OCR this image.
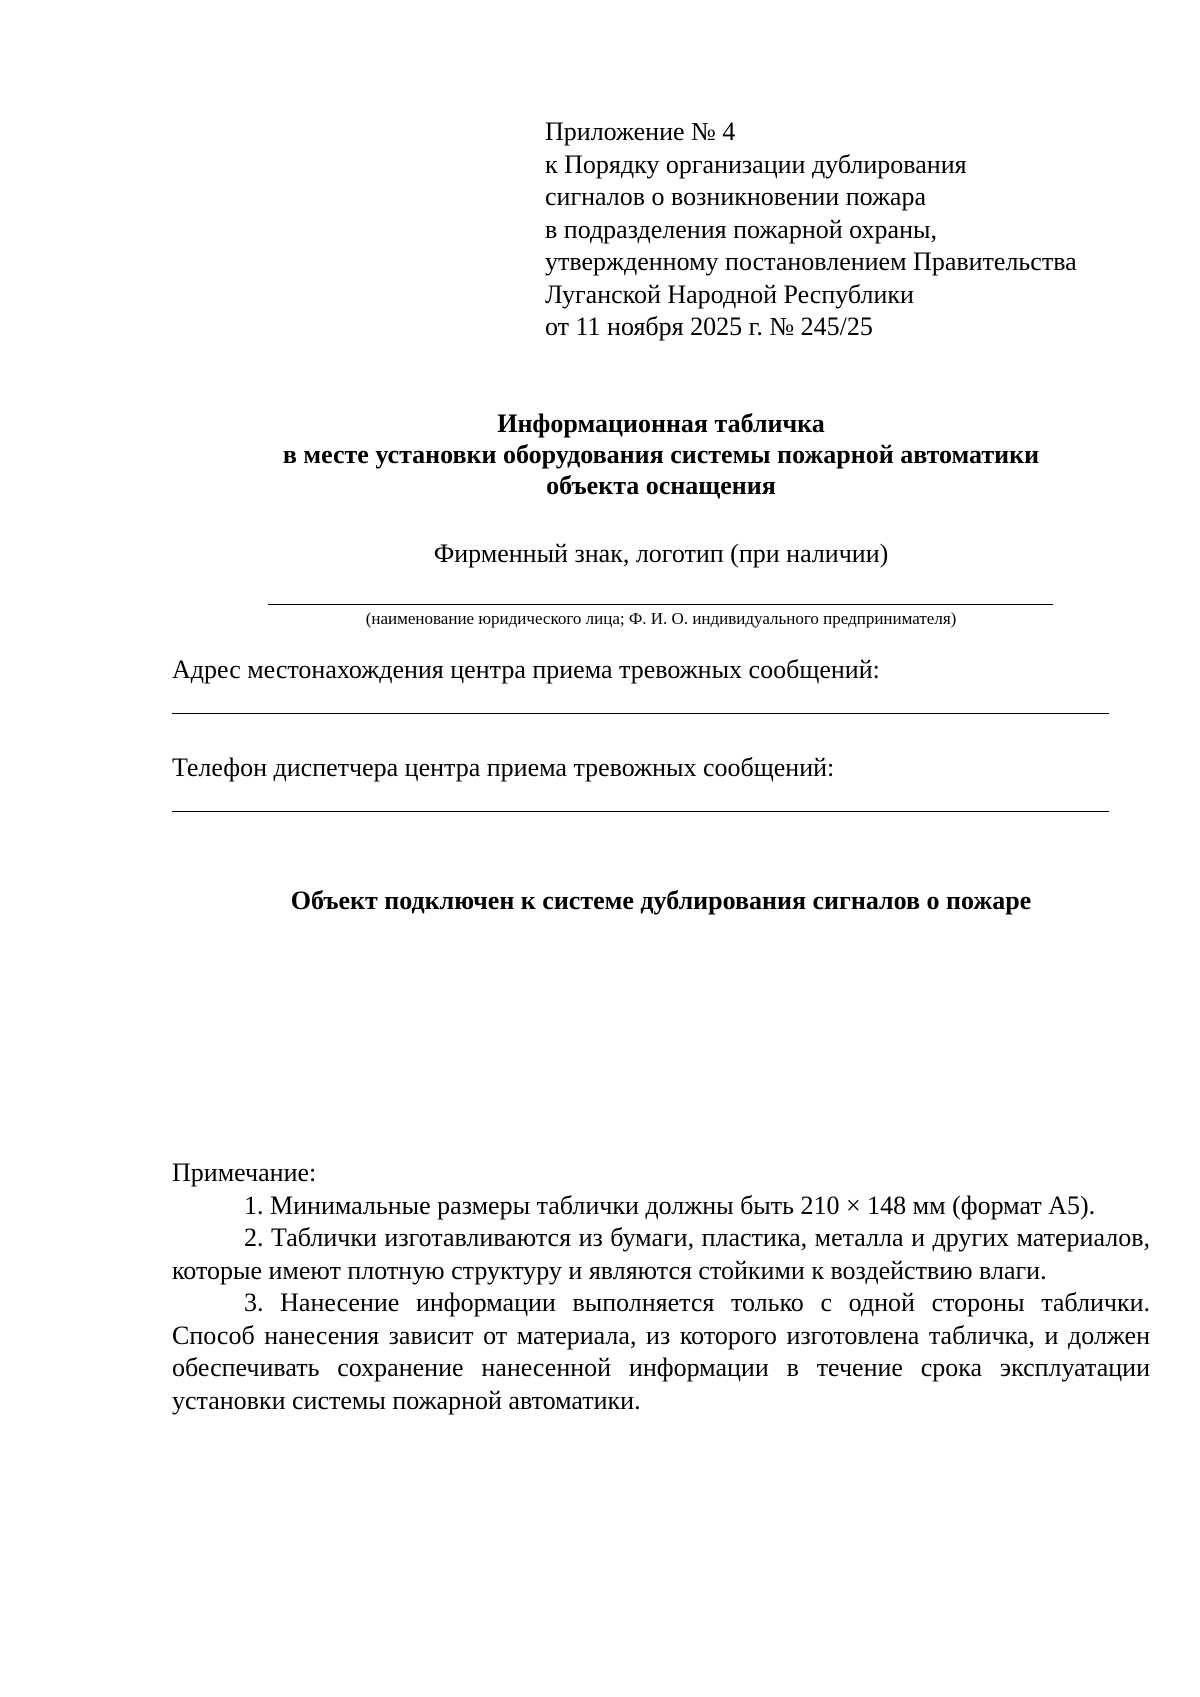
Приложение № 4
к Порядку организации дублирования
сигналов о возникновении пожара
в подразделения пожарной охраны,
утвержденному постановлением Правительства
Луганской Народной Республики
от 11 ноября 2025 г. № 245/25
Информационная табличка
в месте установки оборудования системы пожарной автоматики
объекта оснащения
Фирменный знак, логотип (при наличии)
(наименование юридического лица; Ф. И. О. индивидуального предпринимателя)
Адрес местонахождения центра приема тревожных сообщений:
Телефон диспетчера центра приема тревожных сообщений:
Объект подключен к системе дублирования сигналов о пожаре

Примечание:

1. Минимальные размеры таблички должны быть 210 × 148 мм (формат А5).

2. Таблички изготавливаются из бумаги, пластика, металла и других материалов, которые имеют плотную структуру и являются стойкими к воздействию влаги.

3. Нанесение информации выполняется только с одной стороны таблички. Способ нанесения зависит от материала, из которого изготовлена табличка, и должен обеспечивать сохранение нанесенной информации в течение срока эксплуатации установки системы пожарной автоматики.
